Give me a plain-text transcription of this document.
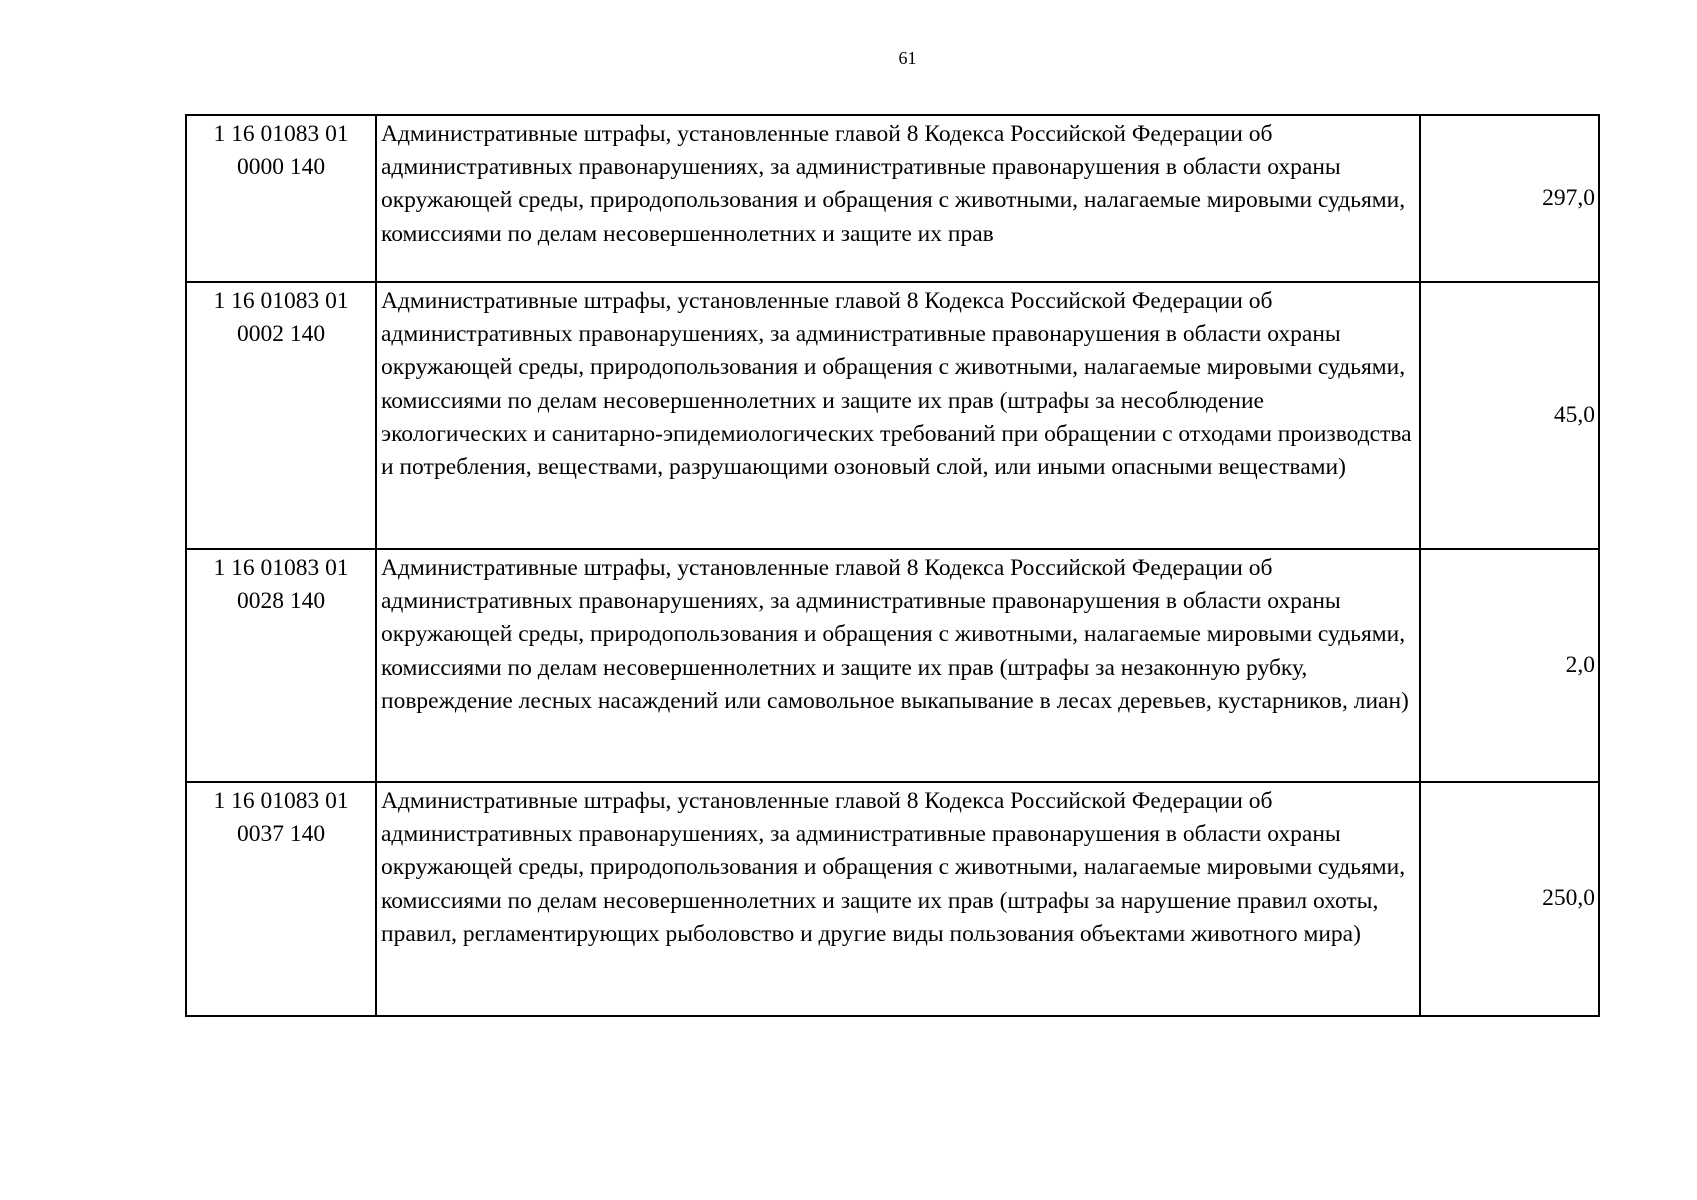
61
1 16 01083 01
0000 140	Административные штрафы, установленные главой 8 Кодекса Российской Федерации об административных правонарушениях, за административные правонарушения в области охраны окружающей среды, природопользования и обращения с животными, налагаемые мировыми судьями, комиссиями по делам несовершеннолетних и защите их прав	297,0

1 16 01083 01
0002 140	Административные штрафы, установленные главой 8 Кодекса Российской Федерации об административных правонарушениях, за административные правонарушения в области охраны окружающей среды, природопользования и обращения с животными, налагаемые мировыми судьями, комиссиями по делам несовершеннолетних и защите их прав (штрафы за несоблюдение экологических и санитарно-эпидемиологических требований при обращении с отходами производства и потребления, веществами, разрушающими озоновый слой, или иными опасными веществами)	45,0

1 16 01083 01
0028 140	Административные штрафы, установленные главой 8 Кодекса Российской Федерации об административных правонарушениях, за административные правонарушения в области охраны окружающей среды, природопользования и обращения с животными, налагаемые мировыми судьями, комиссиями по делам несовершеннолетних и защите их прав (штрафы за незаконную рубку, повреждение лесных насаждений или самовольное выкапывание в лесах деревьев, кустарников, лиан)	2,0

1 16 01083 01
0037 140	Административные штрафы, установленные главой 8 Кодекса Российской Федерации об административных правонарушениях, за административные правонарушения в области охраны окружающей среды, природопользования и обращения с животными, налагаемые мировыми судьями, комиссиями по делам несовершеннолетних и защите их прав (штрафы за нарушение правил охоты, правил, регламентирующих рыболовство и другие виды пользования объектами животного мира)	250,0
